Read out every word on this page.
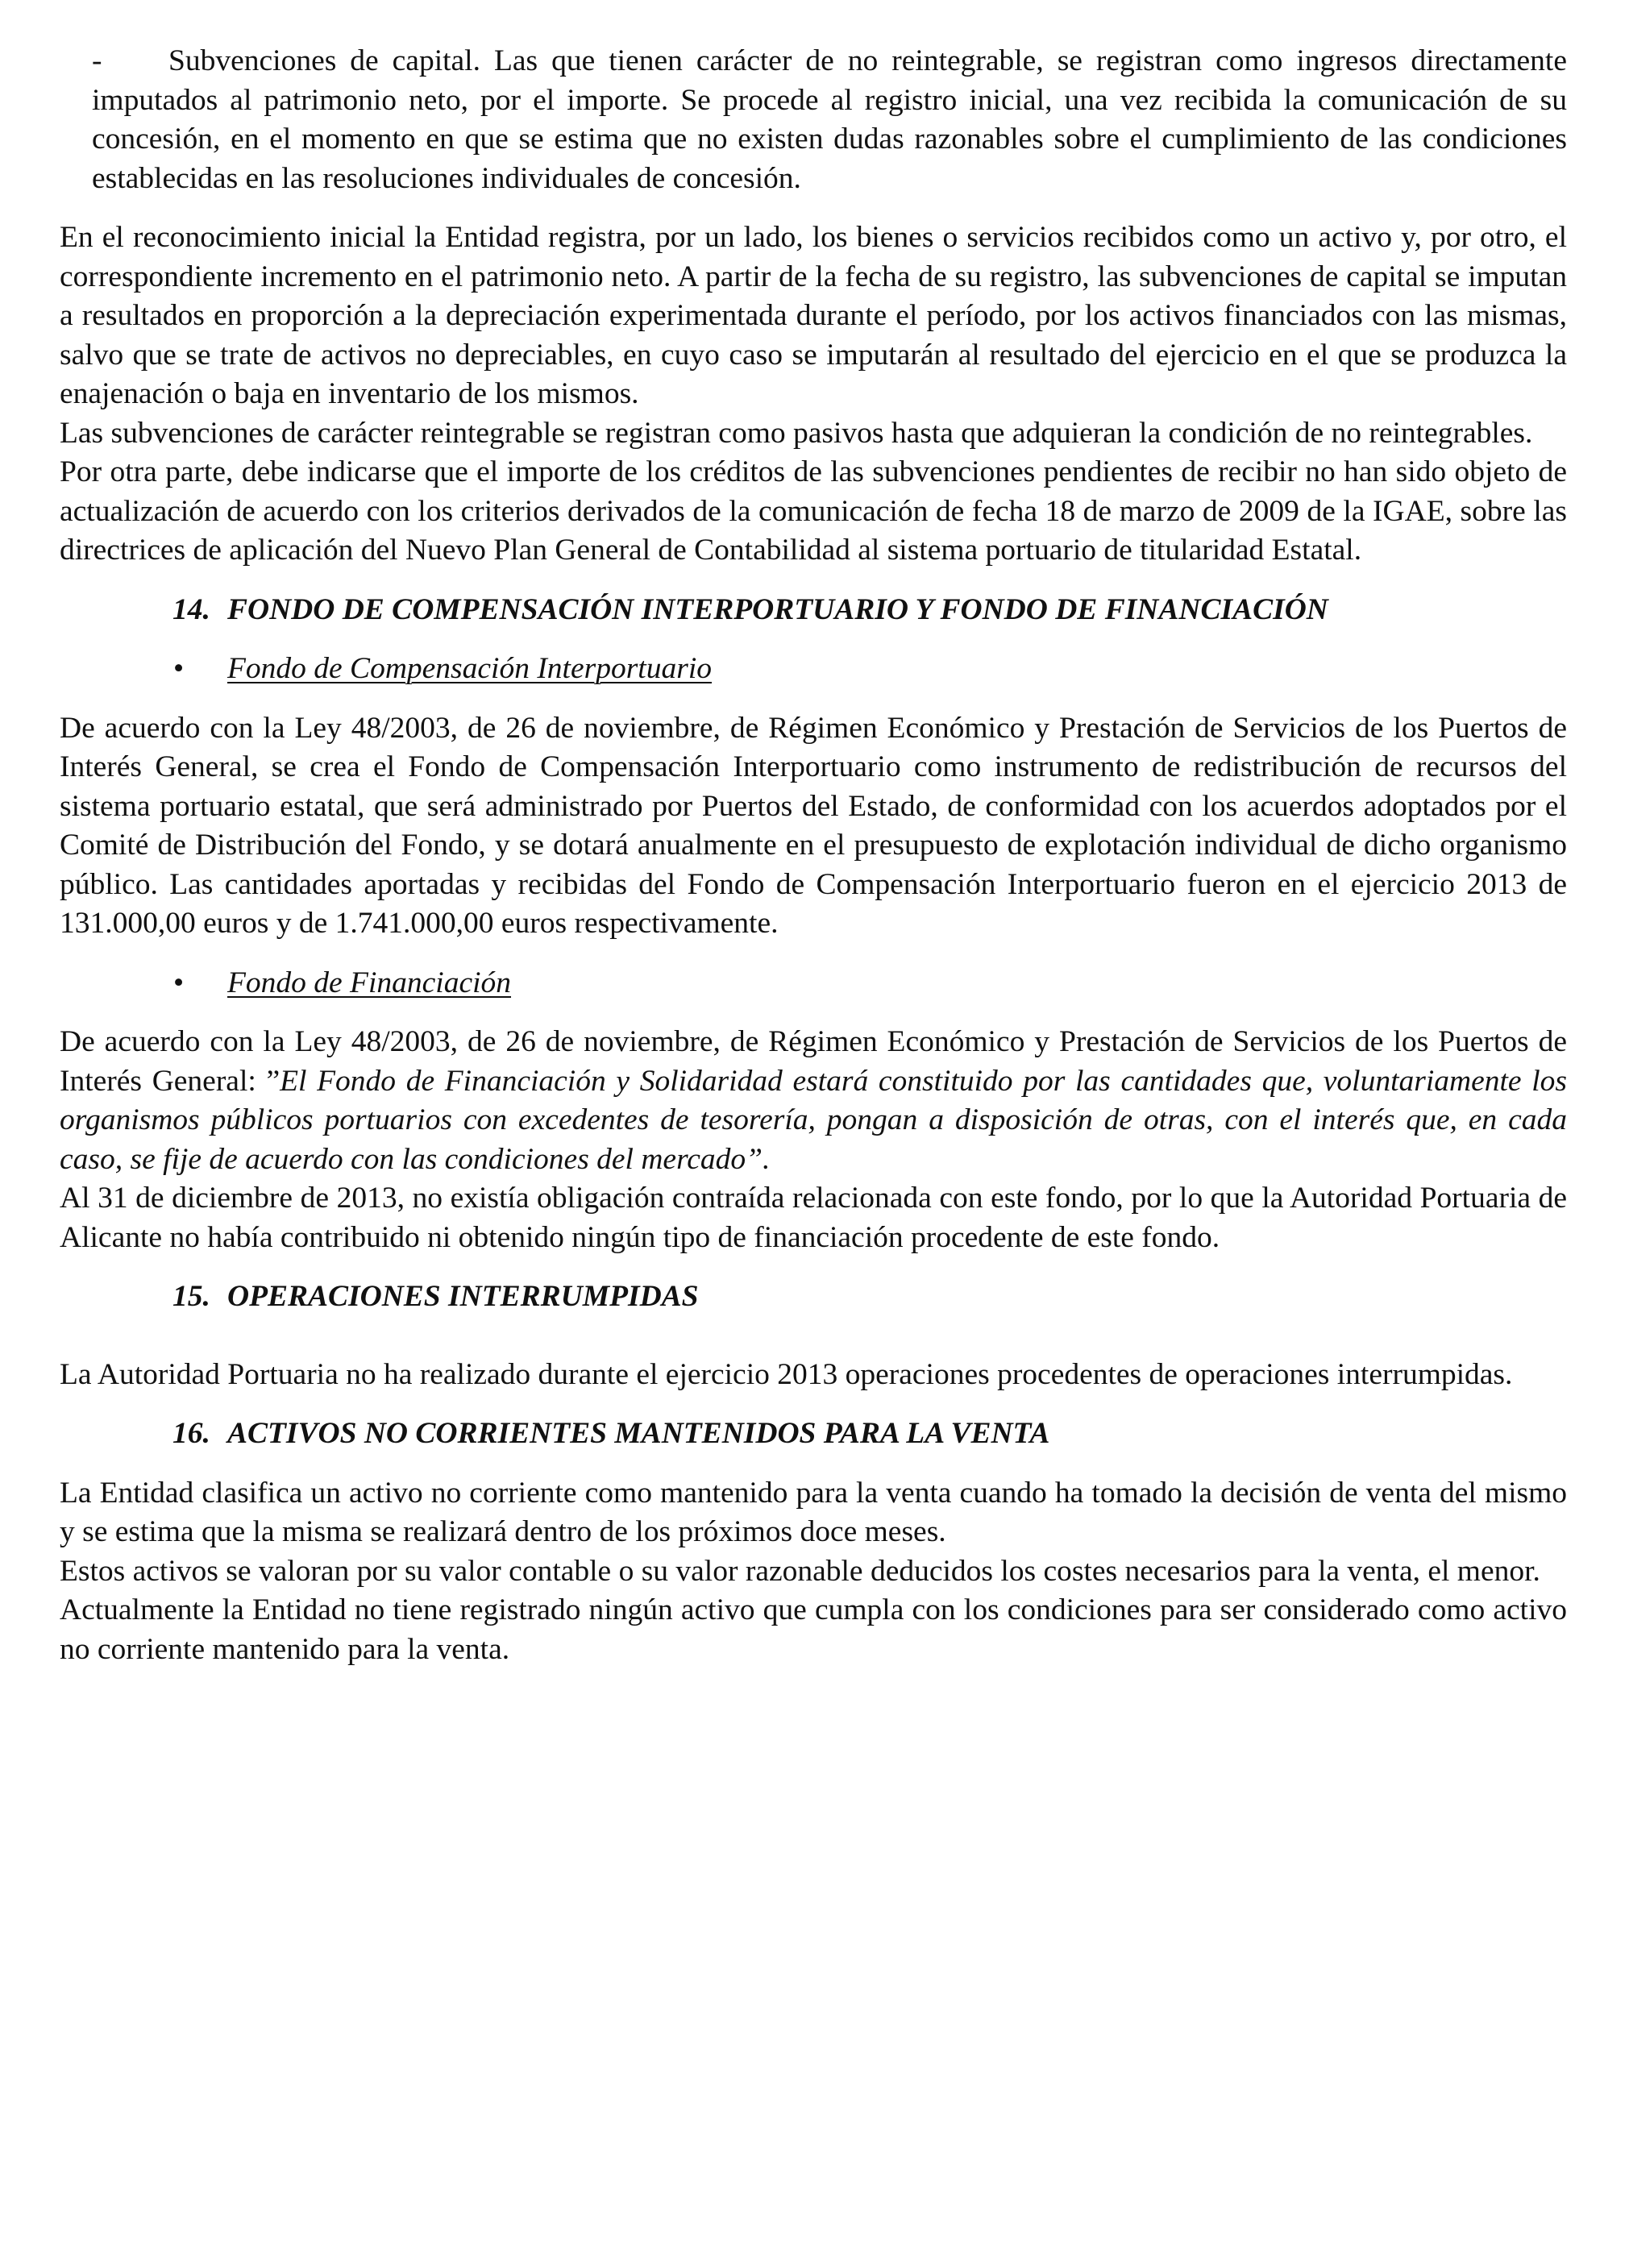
-	Subvenciones de capital. Las que tienen carácter de no reintegrable, se registran como ingresos directamente imputados al patrimonio neto, por el importe. Se procede al registro inicial, una vez recibida la comunicación de su concesión, en el momento en que se estima que no existen dudas razonables sobre el cumplimiento de las condiciones establecidas en las resoluciones individuales de concesión.

En el reconocimiento inicial la Entidad registra, por un lado, los bienes o servicios recibidos como un activo y, por otro, el correspondiente incremento en el patrimonio neto. A partir de la fecha de su registro, las subvenciones de capital se imputan a resultados en proporción a la depreciación experimentada durante el período, por los activos financiados con las mismas, salvo que se trate de activos no depreciables, en cuyo caso se imputarán al resultado del ejercicio en el que se produzca la enajenación o baja en inventario de los mismos.

Las subvenciones de carácter reintegrable se registran como pasivos hasta que adquieran la condición de no reintegrables.

Por otra parte, debe indicarse que el importe de los créditos de las subvenciones pendientes de recibir no han sido objeto de actualización de acuerdo con los criterios derivados de la comunicación de fecha 18 de marzo de 2009 de la IGAE, sobre las directrices de aplicación del Nuevo Plan General de Contabilidad al sistema portuario de titularidad Estatal.

14. FONDO DE COMPENSACIÓN INTERPORTUARIO Y FONDO DE FINANCIACIÓN

• Fondo de Compensación Interportuario

De acuerdo con la Ley 48/2003, de 26 de noviembre, de Régimen Económico y Prestación de Servicios de los Puertos de Interés General, se crea el Fondo de Compensación Interportuario como instrumento de redistribución de recursos del sistema portuario estatal, que será administrado por Puertos del Estado, de conformidad con los acuerdos adoptados por el Comité de Distribución del Fondo, y se dotará anualmente en el presupuesto de explotación individual de dicho organismo público. Las cantidades aportadas y recibidas del Fondo de Compensación Interportuario fueron en el ejercicio 2013 de 131.000,00 euros y de 1.741.000,00 euros respectivamente.

• Fondo de Financiación

De acuerdo con la Ley 48/2003, de 26 de noviembre, de Régimen Económico y Prestación de Servicios de los Puertos de Interés General: ”El Fondo de Financiación y Solidaridad estará constituido por las cantidades que, voluntariamente los organismos públicos portuarios con excedentes de tesorería, pongan a disposición de otras, con el interés que, en cada caso, se fije de acuerdo con las condiciones del mercado”.

Al 31 de diciembre de 2013, no existía obligación contraída relacionada con este fondo, por lo que la Autoridad Portuaria de Alicante no había contribuido ni obtenido ningún tipo de financiación procedente de este fondo.

15. OPERACIONES INTERRUMPIDAS

La Autoridad Portuaria no ha realizado durante el ejercicio 2013 operaciones procedentes de operaciones interrumpidas.

16. ACTIVOS NO CORRIENTES MANTENIDOS PARA LA VENTA

La Entidad clasifica un activo no corriente como mantenido para la venta cuando ha tomado la decisión de venta del mismo y se estima que la misma se realizará dentro de los próximos doce meses.

Estos activos se valoran por su valor contable o su valor razonable deducidos los costes necesarios para la venta, el menor.

Actualmente la Entidad no tiene registrado ningún activo que cumpla con los condiciones para ser considerado como activo no corriente mantenido para la venta.
